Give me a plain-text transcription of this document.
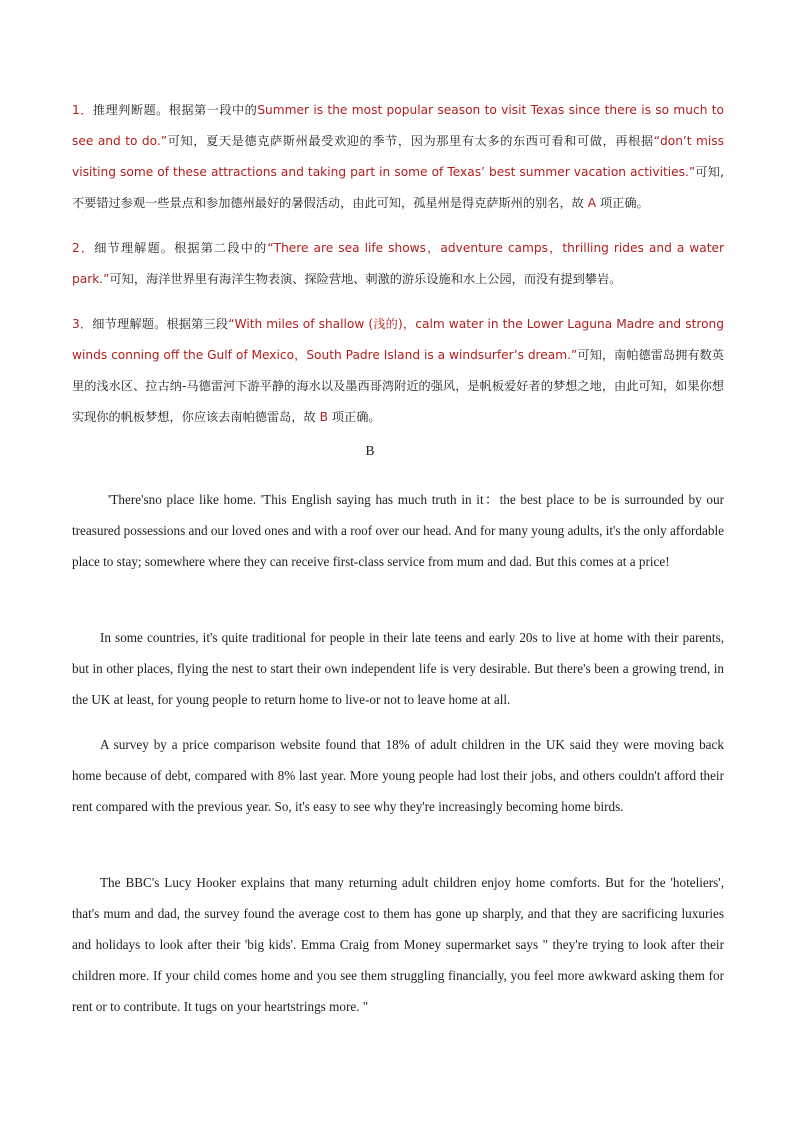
1．推理判断题。根据第一段中的Summer is the most popular season to visit Texas since there is so much to see and to do.”可知，夏天是德克萨斯州最受欢迎的季节，因为那里有太多的东西可看和可做，再根据“don’t miss visiting some of these attractions and taking part in some of Texas’ best summer vacation activities.”可知,不要错过参观一些景点和参加德州最好的暑假活动，由此可知，孤星州是得克萨斯州的别名，故 A 项正确。
2．细节理解题。根据第二段中的“There are sea life shows，adventure camps，thrilling rides and a water park.”可知，海洋世界里有海洋生物表演、探险营地、刺激的游乐设施和水上公园，而没有提到攀岩。
3．细节理解题。根据第三段“With miles of shallow (浅的)，calm water in the Lower Laguna Madre and strong winds conning off the Gulf of Mexico，South Padre Island is a windsurfer’s dream.”可知，南帕德雷岛拥有数英里的浅水区、拉古纳-马德雷河下游平静的海水以及墨西哥湾附近的强风，是帆板爱好者的梦想之地，由此可知，如果你想实现你的帆板梦想，你应该去南帕德雷岛，故 B 项正确。
B
'There'sno place like home. 'This English saying has much truth in it：the best place to be is surrounded by our treasured possessions and our loved ones and with a roof over our head. And for many young adults, it's the only affordable place to stay; somewhere where they can receive first-class service from mum and dad. But this comes at a price!
In some countries, it's quite traditional for people in their late teens and early 20s to live at home with their parents, but in other places, flying the nest to start their own independent life is very desirable. But there's been a growing trend, in the UK at least, for young people to return home to live-or not to leave home at all.
A survey by a price comparison website found that 18% of adult children in the UK said they were moving back home because of debt, compared with 8% last year. More young people had lost their jobs, and others couldn't afford their rent compared with the previous year. So, it's easy to see why they're increasingly becoming home birds.
The BBC's Lucy Hooker explains that many returning adult children enjoy home comforts. But for the 'hoteliers', that's mum and dad, the survey found the average cost to them has gone up sharply, and that they are sacrificing luxuries and holidays to look after their 'big kids'. Emma Craig from Money supermarket says " they're trying to look after their children more. If your child comes home and you see them struggling financially, you feel more awkward asking them for rent or to contribute. It tugs on your heartstrings more. "
